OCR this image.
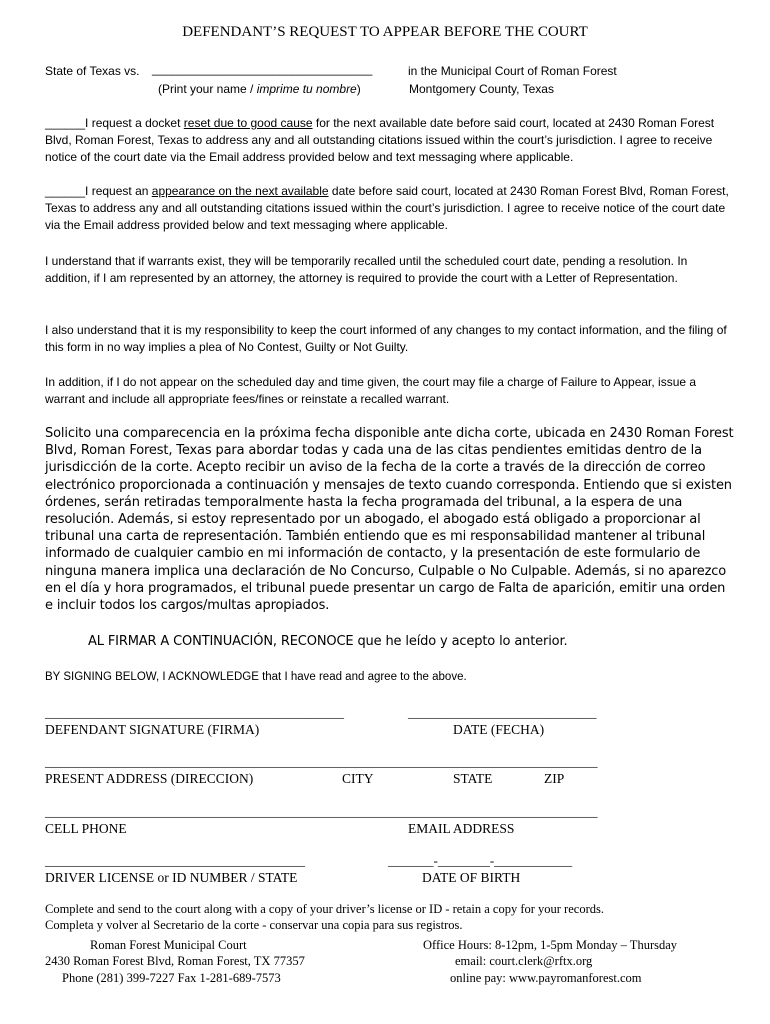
DEFENDANT’S REQUEST TO APPEAR BEFORE THE COURT
State of Texas vs. _________________________________	in the Municipal Court of Roman Forest
(Print your name / imprime tu nombre)	Montgomery County, Texas
______I request a docket reset due to good cause for the next available date before said court, located at 2430 Roman Forest Blvd, Roman Forest, Texas to address any and all outstanding citations issued within the court’s jurisdiction. I agree to receive notice of the court date via the Email address provided below and text messaging where applicable.
______I request an appearance on the next available date before said court, located at 2430 Roman Forest Blvd, Roman Forest, Texas to address any and all outstanding citations issued within the court’s jurisdiction. I agree to receive notice of the court date via the Email address provided below and text messaging where applicable.
I understand that if warrants exist, they will be temporarily recalled until the scheduled court date, pending a resolution. In addition, if I am represented by an attorney, the attorney is required to provide the court with a Letter of Representation.
I also understand that it is my responsibility to keep the court informed of any changes to my contact information, and the filing of this form in no way implies a plea of No Contest, Guilty or Not Guilty.
In addition, if I do not appear on the scheduled day and time given, the court may file a charge of Failure to Appear, issue a warrant and include all appropriate fees/fines or reinstate a recalled warrant.
Solicito una comparecencia en la próxima fecha disponible ante dicha corte, ubicada en 2430 Roman Forest Blvd, Roman Forest, Texas para abordar todas y cada una de las citas pendientes emitidas dentro de la jurisdicción de la corte. Acepto recibir un aviso de la fecha de la corte a través de la dirección de correo electrónico proporcionada a continuación y mensajes de texto cuando corresponda. Entiendo que si existen órdenes, serán retiradas temporalmente hasta la fecha programada del tribunal, a la espera de una resolución. Además, si estoy representado por un abogado, el abogado está obligado a proporcionar al tribunal una carta de representación. También entiendo que es mi responsabilidad mantener al tribunal informado de cualquier cambio en mi información de contacto, y la presentación de este formulario de ninguna manera implica una declaración de No Concurso, Culpable o No Culpable. Además, si no aparezco en el día y hora programados, el tribunal puede presentar un cargo de Falta de aparición, emitir una orden e incluir todos los cargos/multas apropiados.
AL FIRMAR A CONTINUACIÓN, RECONOCE que he leído y acepto lo anterior.
BY SIGNING BELOW, I ACKNOWLEDGE that I have read and agree to the above.
______________________________________________	_____________________________
DEFENDANT SIGNATURE (FIRMA)	DATE (FECHA)
_____________________________________________________________________________________
PRESENT ADDRESS (DIRECCION)	CITY	STATE	ZIP
_____________________________________________________________________________________
CELL PHONE	EMAIL ADDRESS
________________________________________	_______-________-____________
DRIVER LICENSE or ID NUMBER / STATE	DATE OF BIRTH
Complete and send to the court along with a copy of your driver’s license or ID - retain a copy for your records.
Completa y volver al Secretario de la corte - conservar una copia para sus registros.
Roman Forest Municipal Court
2430 Roman Forest Blvd, Roman Forest, TX 77357
Phone (281) 399-7227 Fax 1-281-689-7573
Office Hours: 8-12pm, 1-5pm Monday – Thursday
email: court.clerk@rftx.org
online pay: www.payromanforest.com
